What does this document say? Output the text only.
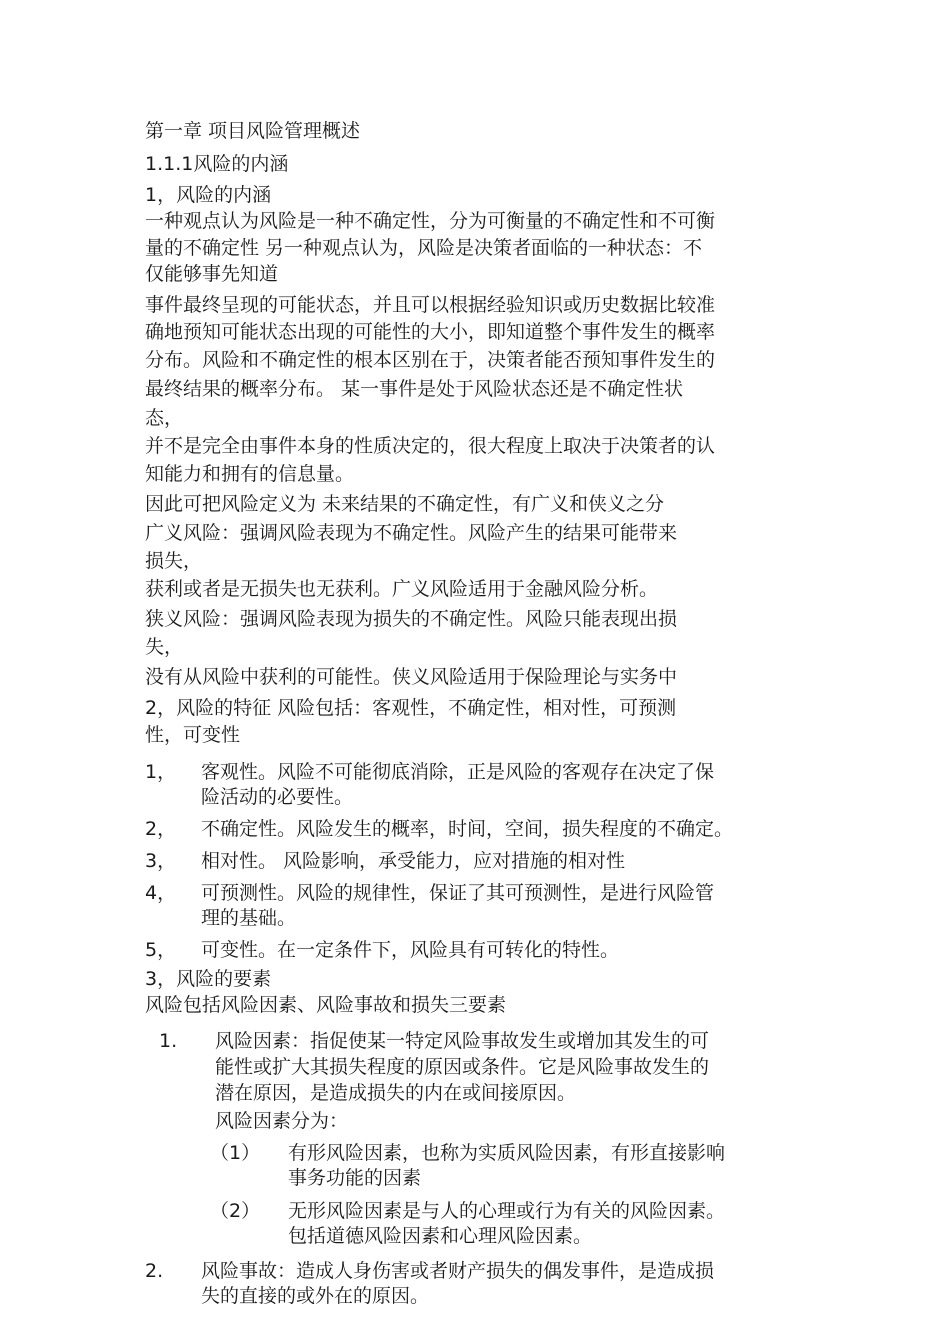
第一章 项目风险管理概述
1.1.1风险的内涵
1，风险的内涵
一种观点认为风险是一种不确定性，分为可衡量的不确定性和不可衡
量的不确定性 另一种观点认为，风险是决策者面临的一种状态：不
仅能够事先知道
事件最终呈现的可能状态，并且可以根据经验知识或历史数据比较准
确地预知可能状态出现的可能性的大小，即知道整个事件发生的概率
分布。风险和不确定性的根本区别在于，决策者能否预知事件发生的
最终结果的概率分布。 某一事件是处于风险状态还是不确定性状
态，
并不是完全由事件本身的性质决定的，很大程度上取决于决策者的认
知能力和拥有的信息量。
因此可把风险定义为 未来结果的不确定性，有广义和侠义之分
广义风险：强调风险表现为不确定性。风险产生的结果可能带来
损失，
获利或者是无损失也无获利。广义风险适用于金融风险分析。
狭义风险：强调风险表现为损失的不确定性。风险只能表现出损
失，
没有从风险中获利的可能性。侠义风险适用于保险理论与实务中
2，风险的特征 风险包括：客观性，不确定性，相对性，可预测
性，可变性
1， 客观性。风险不可能彻底消除，正是风险的客观存在决定了保
险活动的必要性。
2， 不确定性。风险发生的概率，时间，空间，损失程度的不确定。
3， 相对性。 风险影响，承受能力，应对措施的相对性
4， 可预测性。风险的规律性，保证了其可预测性，是进行风险管
理的基础。
5， 可变性。在一定条件下，风险具有可转化的特性。
3，风险的要素
风险包括风险因素、风险事故和损失三要素
1. 风险因素：指促使某一特定风险事故发生或增加其发生的可
能性或扩大其损失程度的原因或条件。它是风险事故发生的
潜在原因，是造成损失的内在或间接原因。
风险因素分为：
（1） 有形风险因素，也称为实质风险因素，有形直接影响
事务功能的因素
（2） 无形风险因素是与人的心理或行为有关的风险因素。
包括道德风险因素和心理风险因素。
2. 风险事故：造成人身伤害或者财产损失的偶发事件，是造成损
失的直接的或外在的原因。
